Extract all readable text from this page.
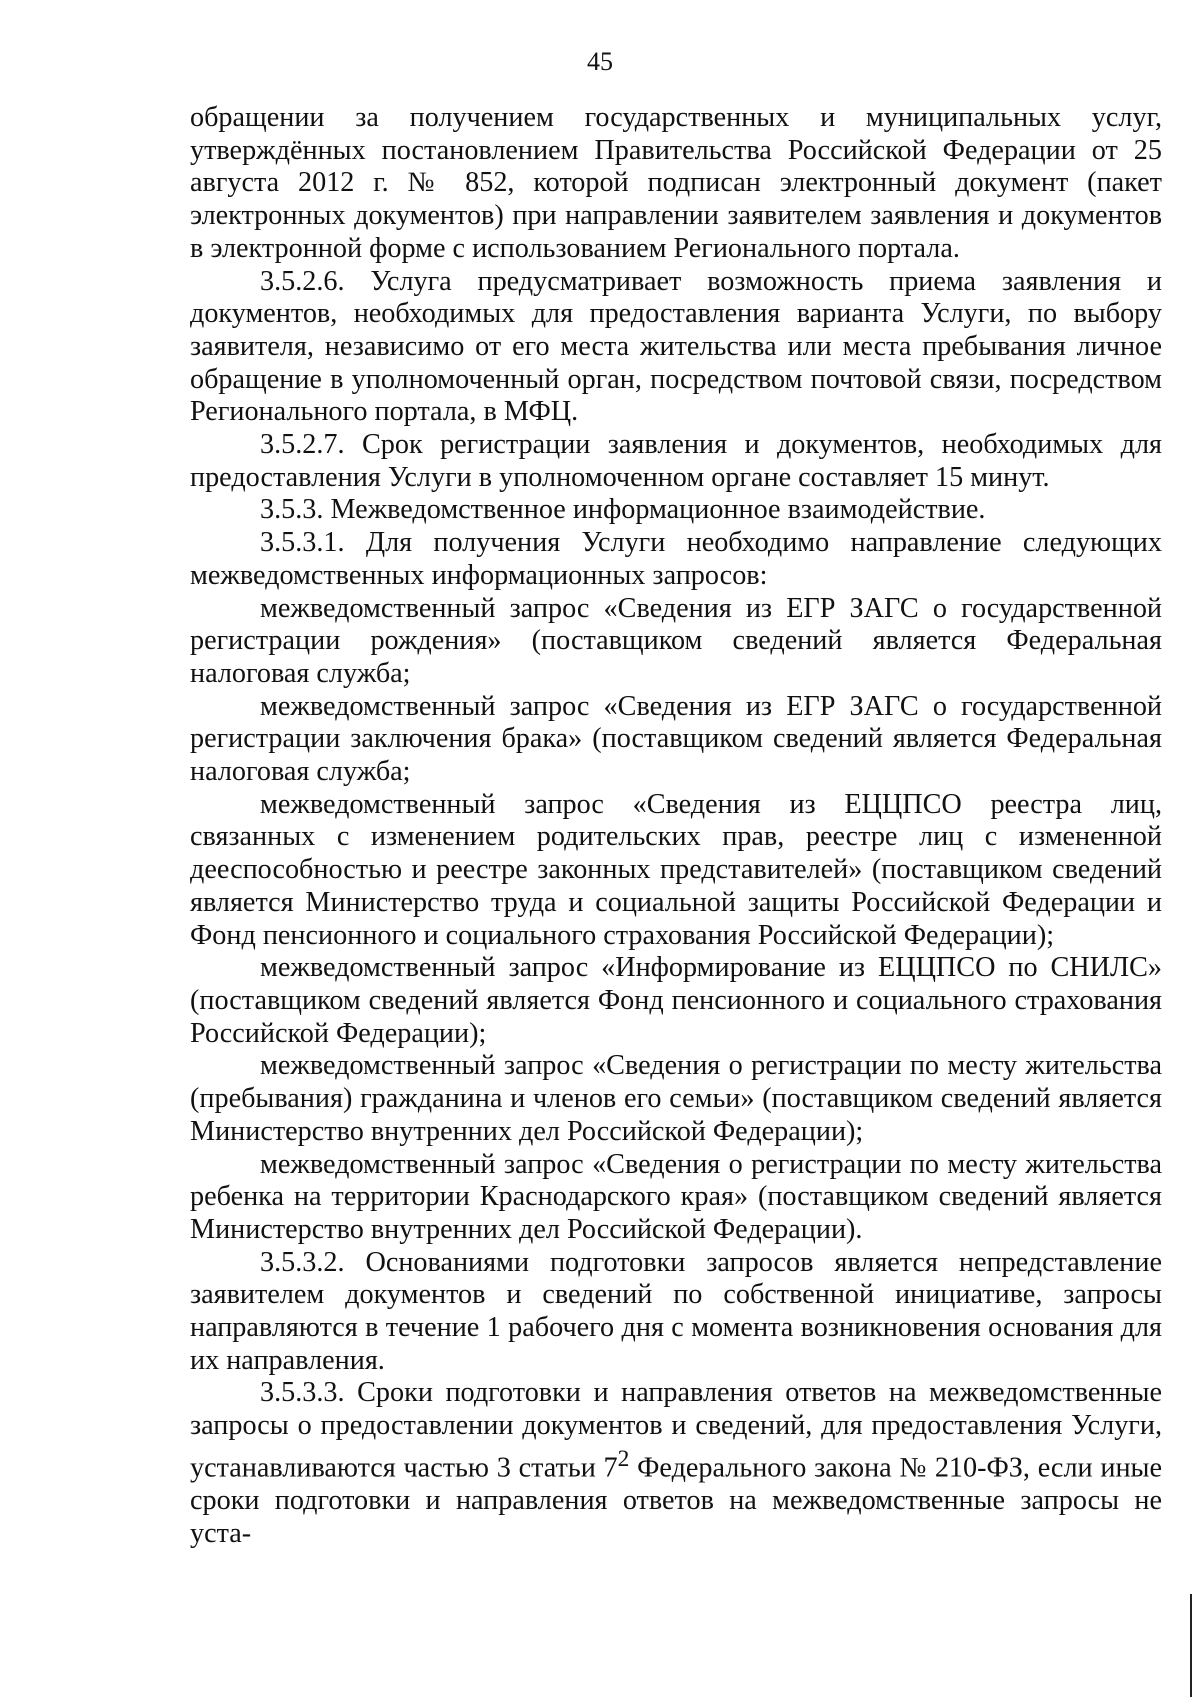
45

обращении за получением государственных и муниципальных услуг, утверждённых постановлением Правительства Российской Федерации от 25 августа 2012 г. № 852, которой подписан электронный документ (пакет электронных документов) при направлении заявителем заявления и документов в электронной форме с использованием Регионального портала.

3.5.2.6. Услуга предусматривает возможность приема заявления и документов, необходимых для предоставления варианта Услуги, по выбору заявителя, независимо от его места жительства или места пребывания личное обращение в уполномоченный орган, посредством почтовой связи, посредством Регионального портала, в МФЦ.

3.5.2.7. Срок регистрации заявления и документов, необходимых для предоставления Услуги в уполномоченном органе составляет 15 минут.

3.5.3. Межведомственное информационное взаимодействие.

3.5.3.1. Для получения Услуги необходимо направление следующих межведомственных информационных запросов:

межведомственный запрос «Сведения из ЕГР ЗАГС о государственной регистрации рождения» (поставщиком сведений является Федеральная налоговая служба;

межведомственный запрос «Сведения из ЕГР ЗАГС о государственной регистрации заключения брака» (поставщиком сведений является Федеральная налоговая служба;

межведомственный запрос «Сведения из ЕЦЦПСО реестра лиц, связанных с изменением родительских прав, реестре лиц с измененной дееспособностью и реестре законных представителей» (поставщиком сведений является Министерство труда и социальной защиты Российской Федерации и Фонд пенсионного и социального страхования Российской Федерации);

межведомственный запрос «Информирование из ЕЦЦПСО по СНИЛС» (поставщиком сведений является Фонд пенсионного и социального страхования Российской Федерации);

межведомственный запрос «Сведения о регистрации по месту жительства (пребывания) гражданина и членов его семьи» (поставщиком сведений является Министерство внутренних дел Российской Федерации);

межведомственный запрос «Сведения о регистрации по месту жительства ребенка на территории Краснодарского края» (поставщиком сведений является Министерство внутренних дел Российской Федерации).

3.5.3.2. Основаниями подготовки запросов является непредставление заявителем документов и сведений по собственной инициативе, запросы направляются в течение 1 рабочего дня с момента возникновения основания для их направления.

3.5.3.3. Сроки подготовки и направления ответов на межведомственные запросы о предоставлении документов и сведений, для предоставления Услуги, устанавливаются частью 3 статьи $7^2$ Федерального закона № 210-ФЗ, если иные сроки подготовки и направления ответов на межведомственные запросы не уста-
